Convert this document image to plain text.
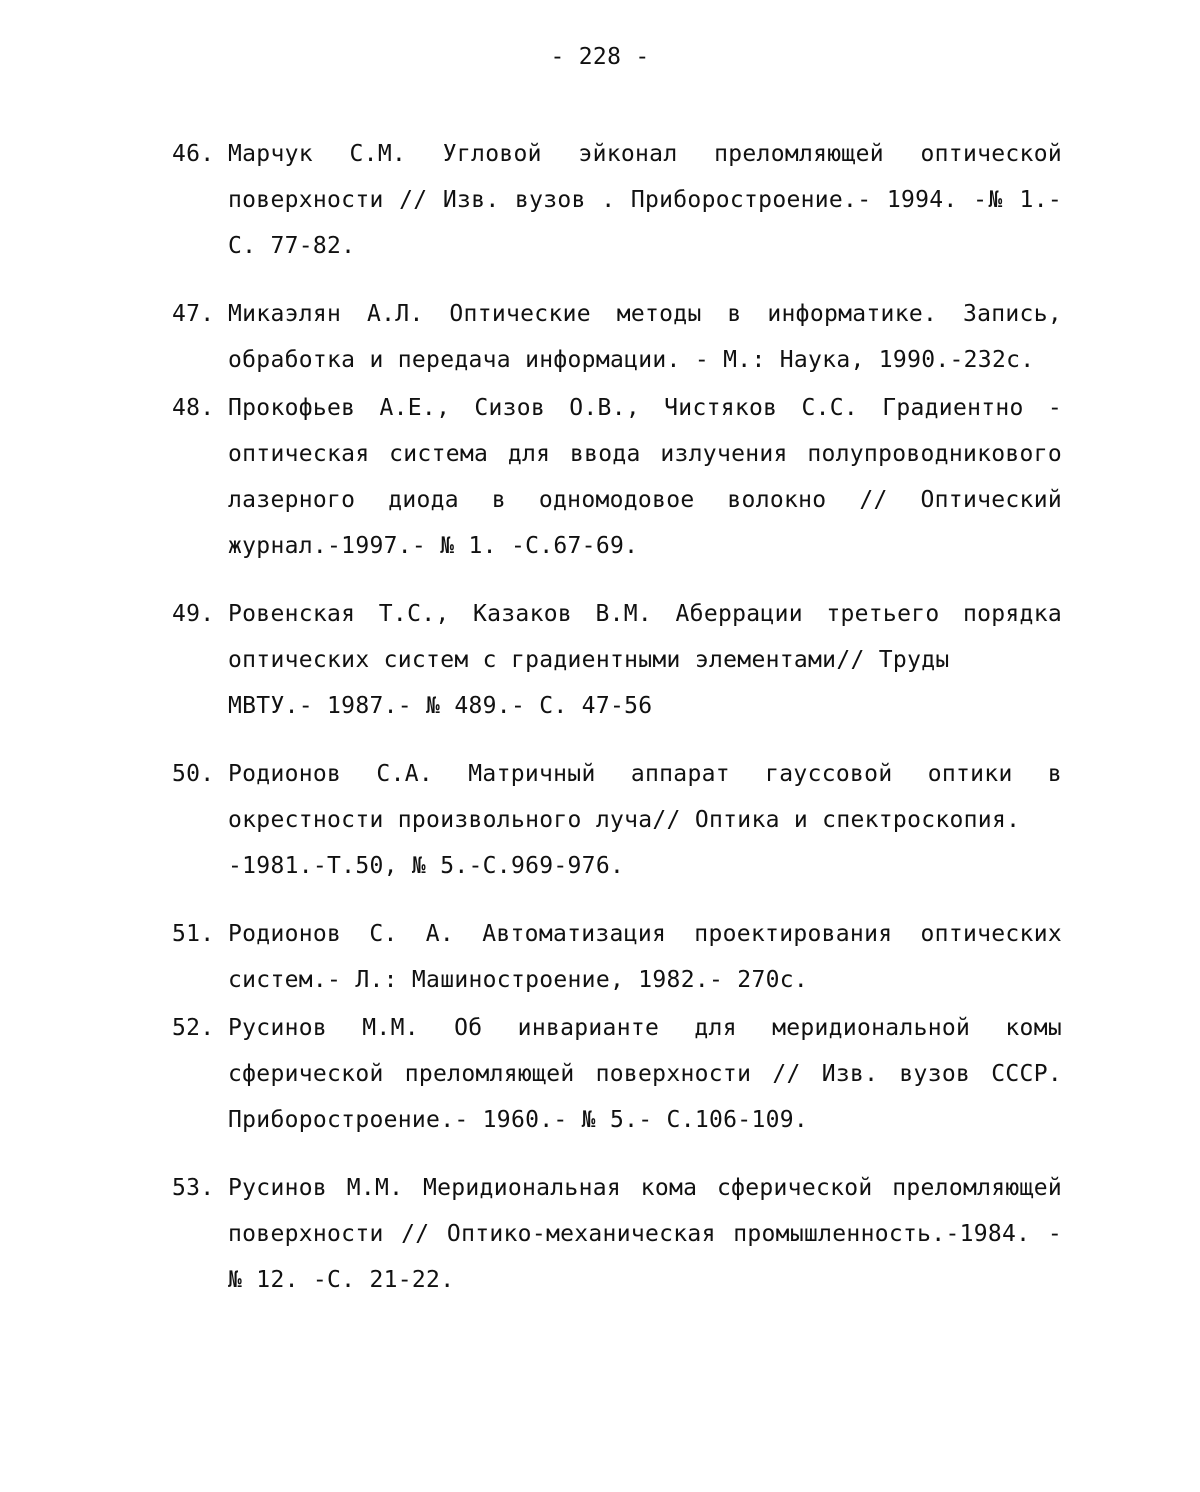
- 228 -
46. Марчук С.М. Угловой эйконал преломляющей оптической
поверхности // Изв. вузов . Приборостроение.- 1994. -№ 1.-
С. 77-82.
47. Микаэлян А.Л. Оптические методы в информатике. Запись,
обработка и передача информации. - М.: Наука, 1990.-232с.
48. Прокофьев А.Е., Сизов О.В., Чистяков С.С. Градиентно -
оптическая система для ввода излучения полупроводникового
лазерного диода в одномодовое волокно // Оптический
журнал.-1997.- № 1. -С.67-69.
49. Ровенская Т.С., Казаков В.М. Аберрации третьего порядка
оптических систем с градиентными элементами// Труды
МВТУ.- 1987.- № 489.- С. 47-56
50. Родионов С.А. Матричный аппарат гауссовой оптики в
окрестности произвольного луча// Оптика и спектроскопия.
-1981.-Т.50, № 5.-С.969-976.
51. Родионов С. А. Автоматизация проектирования оптических
систем.- Л.: Машиностроение, 1982.- 270с.
52. Русинов М.М. Об инварианте для меридиональной комы
сферической преломляющей поверхности // Изв. вузов СССР.
Приборостроение.- 1960.- № 5.- С.106-109.
53. Русинов М.М. Меридиональная кома сферической преломляющей
поверхности // Оптико-механическая промышленность.-1984. -
№ 12. -С. 21-22.
